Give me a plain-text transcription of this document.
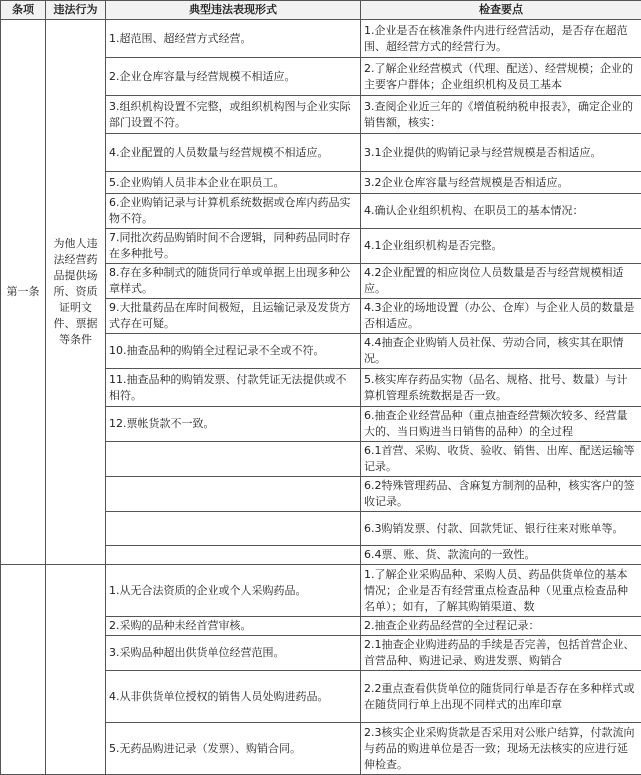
条项	违法行为	典型违法表现形式	检查要点
第一条	为他人违法经营药品提供场所、资质证明文件、票据等条件	1.超范围、超经营方式经营。	1.企业是否在核准条件内进行经营活动，是否存在超范围、超经营方式的经营行为。
		2.企业仓库容量与经营规模不相适应。	2.了解企业经营模式（代理、配送）、经营规模；企业的主要客户群体；企业组织机构及员工基本
		3.组织机构设置不完整，或组织机构图与企业实际部门设置不符。	3.查阅企业近三年的《增值税纳税申报表》，确定企业的销售额，核实：
		4.企业配置的人员数量与经营规模不相适应。	3.1企业提供的购销记录与经营规模是否相适应。
		5.企业购销人员非本企业在职员工。	3.2企业仓库容量与经营规模是否相适应。
		6.企业购销记录与计算机系统数据或仓库内药品实物不符。	4.确认企业组织机构、在职员工的基本情况：
		7.同批次药品购销时间不合逻辑，同种药品同时存在多种批号。	4.1企业组织机构是否完整。
		8.存在多种制式的随货同行单或单据上出现多种公章样式。	4.2企业配置的相应岗位人员数量是否与经营规模相适应。
		9.大批量药品在库时间极短，且运输记录及发货方式存在可疑。	4.3企业的场地设置（办公、仓库）与企业人员的数量是否相适应。
		10.抽查品种的购销全过程记录不全或不符。	4.4抽查企业购销人员社保、劳动合同，核实其在职情况。
		11.抽查品种的购销发票、付款凭证无法提供或不相符。	5.核实库存药品实物（品名、规格、批号、数量）与计算机管理系统数据是否一致。
		12.票帐货款不一致。	6.抽查企业经营品种（重点抽查经营频次较多、经营量大的、当日购进当日销售的品种）的全过程
			6.1首营、采购、收货、验收、销售、出库、配送运输等记录。
			6.2特殊管理药品、含麻复方制剂的品种，核实客户的签收记录。
			6.3购销发票、付款、回款凭证、银行往来对账单等。
			6.4票、账、货、款流向的一致性。
		1.从无合法资质的企业或个人采购药品。	1.了解企业采购品种、采购人员、药品供货单位的基本情况；企业是否有经营重点检查品种（见重点检查品种名单）；如有，了解其购销渠道、数
		2.采购的品种未经首营审核。	2.抽查企业药品经营的全过程记录：
		3.采购品种超出供货单位经营范围。	2.1抽查企业购进药品的手续是否完善，包括首营企业、首营品种、购进记录、购进发票、购销合
		4.从非供货单位授权的销售人员处购进药品。	2.2重点查看供货单位的随货同行单是否存在多种样式或在随货同行单上出现不同样式的出库印章
		5.无药品购进记录（发票）、购销合同。	2.3核实企业采购货款是否采用对公账户结算，付款流向与药品的购进单位是否一致；现场无法核实的应进行延伸检查。
